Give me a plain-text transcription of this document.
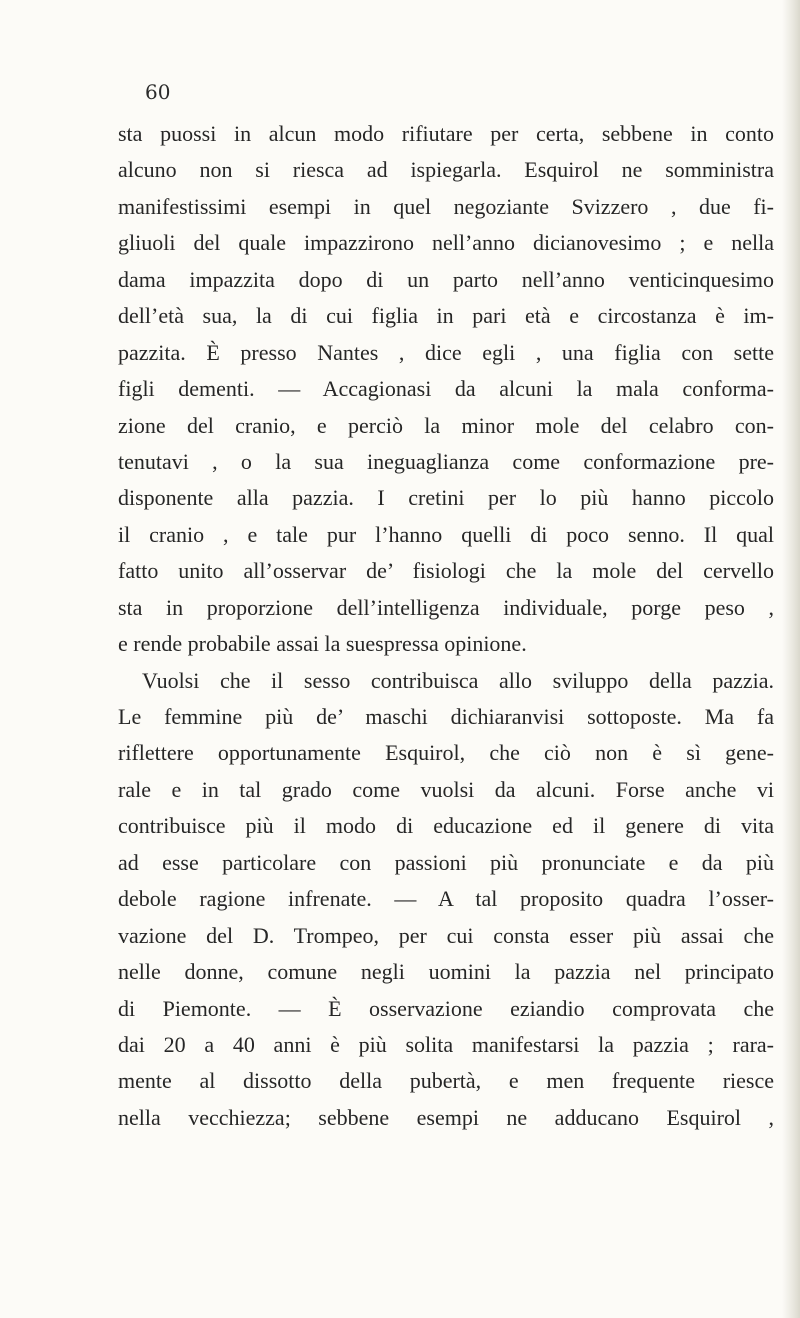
60
sta puossi in alcun modo rifiutare per certa, sebbene in conto
alcuno non si riesca ad ispiegarla. Esquirol ne somministra
manifestissimi esempi in quel negoziante Svizzero , due fi-
gliuoli del quale impazzirono nell’anno dicianovesimo ; e nella
dama impazzita dopo di un parto nell’anno venticinquesimo
dell’età sua, la di cui figlia in pari età e circostanza è im-
pazzita. È presso Nantes , dice egli , una figlia con sette
figli dementi. — Accagionasi da alcuni la mala conforma-
zione del cranio, e perciò la minor mole del celabro con-
tenutavi , o la sua ineguaglianza come conformazione pre-
disponente alla pazzia. I cretini per lo più hanno piccolo
il cranio , e tale pur l’hanno quelli di poco senno. Il qual
fatto unito all’osservar de’ fisiologi che la mole del cervello
sta in proporzione dell’intelligenza individuale, porge peso ,
e rende probabile assai la suespressa opinione.
Vuolsi che il sesso contribuisca allo sviluppo della pazzia.
Le femmine più de’ maschi dichiaranvisi sottoposte. Ma fa
riflettere opportunamente Esquirol, che ciò non è sì gene-
rale e in tal grado come vuolsi da alcuni. Forse anche vi
contribuisce più il modo di educazione ed il genere di vita
ad esse particolare con passioni più pronunciate e da più
debole ragione infrenate. — A tal proposito quadra l’osser-
vazione del D. Trompeo, per cui consta esser più assai che
nelle donne, comune negli uomini la pazzia nel principato
di Piemonte. — È osservazione eziandio comprovata che
dai 20 a 40 anni è più solita manifestarsi la pazzia ; rara-
mente al dissotto della pubertà, e men frequente riesce
nella vecchiezza; sebbene esempi ne adducano Esquirol ,
